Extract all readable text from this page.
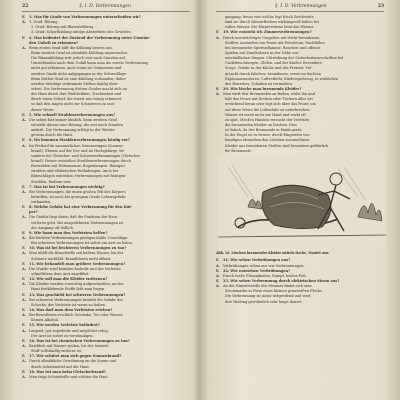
22	§. I. D. Verbrennungen
F. 3. Was für Grade von Verbrennungen unterscheiden wir?
A. 1. Grad: Rötung.
2. Grad: Rötung mit Blasenbildung.
3. Grad: Schorfbildung infolge Absterbens des Gewebes.
F. 4. Was bedeutet der Zustand der Verbrennung unter Umstän-
den Unheil zu erkennen?
A. Beim ersten Grad hilft die Kühlung bereits aus;
Beim zweiten Grad ist ebenfalls Kühlung anzuwenden.
Die Blasenbildung tritt jedoch erst nach Stunden auf.
Umstehenden nach dem Unfall kann man die zweite Verbrennung
nicht gut erkennen, auch wenn sie Schmerzen und
zweiten Grade nicht aufgegangen in der Schweißlage
Beim dritten Grad ist eine Kühlung vorhanden; daher
werden brüchige verbrannte Stellen häufig über-
sehen. Die Verbrennung dritten Grades macht sich an
der Haut durch ihre Weißlichkeit, Trockenheit und
durch einen Schorf, die zuerst nur wenig schmerzt,
so daß den Augen nicht zur Schmerzen zu und
dieser Weise.
F. 5. Wie schnell Strahlenverbrennungen aus?
A. Die sehen fast immer ähnlich, beim zweiten Grad
entsteht daraus eine Rötung, die erst nach Stunden
auftritt. Die Verbrennung erfolgt in der Wieder-
gewinn durch die Haut.
F. 6. Wo kommen Strahlenverbrennungen häufig vor?
A. Im Freibad im sommerlichen Sommertagen (Sonnen-
brand). Ebenso auf der See und im Hochgebirge, be-
sonders bei Gletscher- und Schneeverbrennungen (Gletscher-
brand). Ferner entstehen Strahlenverbrennungen durch
Bestrahlen mit Höhensonne, Bogenlampen, Röntgen-
strahlen und elektrischen Entladungen. Auch bei
Blitzschlägen entstehen Verbrennungen mit Röntgen-
Strahlen, Radium usw.
F. 7. Was ist bei Verbrennungen wichtig?
A. Bei Verbrennungen, die einen großen Teil des Körpers
betreffen, ist auch bei geringem Grade Lebensgefahr
vorhanden.
F. 8. Welche Gefahr hat eine Verbrennung für den Kör-
per?
A. Die Gefahr liegt darin, daß die Funktion der Haut
verloren geht. Bei ausgedehnten Verbrennungen ist
der Ausgang oft tödlich.
F. 9. Wie kann man den Verletzten helfen?
A. Bei leichten Verbrennungen genügen kühle Umschläge.
Bei schweren Verbrennungen ist sofort ein Arzt zu holen.
F. 10. Was ist bei leichteren Verbrennungen zu tun?
A. Man kühlt die Brandstelle mit kaltem Wasser, bis der
Schmerz nachläßt. Brandblasen nicht öffnen.
F. 11. Wie behandelt man größere Verbrennungen?
A. Die Wunde wird keimfrei bedeckt und der Verletzte
schnellstens dem Arzt zugeführt.
F. 12. Wie soll man die Kleider entfernen?
A. Die Kleider werden vorsichtig aufgeschnitten, an der
Haut festklebende Stoffe läßt man liegen.
F. 13. Was geschieht bei schweren Verbrennungen?
A. Bei schweren Verbrennungen besteht die Gefahr des
Schocks; der Verletzte ist warm zu halten.
F. 14. Was darf man dem Verletzten reichen?
A. Bei Bewußtsein reichlich Getränke, Tee oder Wasser.
Keinen Alkohol.
F. 15. Wie werden Verletzte befördert?
A. Liegend, gut zugedeckt und möglichst ruhig.
Der Arzt ist sofort zu verständigen.
F. 16. Was ist bei chemischen Verbrennungen zu tun?
A. Reichlich mit Wasser spülen, bis der ätzende
Stoff vollständig entfernt ist.
F. 17. Wie schützt man sich gegen Sonnenbrand?
A. Durch allmähliche Gewöhnung an die Sonne und
durch Schutzmittel auf der Haut.
F. 18. Was tut man beim Gletscherbrand?
A. Man trägt Schutzbrille und schützt die Haut.
§. I. D. Verbrennungen	23
gangung, bessa eine solche legt frisch Reichweite
sind sie durch Wasserflecken wirkungsvoll haben bei
vollen Wasser. Die Körperwärme lässt das Wasser.
F. 19. Wie entsteht ich Zimmerverbrennungen?
A. Durch unvorsichtiges Umgehen mit leicht brennbaren
Stoffen, Anzünden von Feuer mit Petroleum, Nachfüllen
bei brennender Spiritusflamme, Rauchen und offenes
Spielen mit Zündhölzern in der Nähe von
entzündlichen Dingen. Mitwirkung der Sicherheitsvorschriften bei
Gasbeleuchtungen, Ölöfen, und der Kinder. Besondere
Sorge. Gefahr in der Küche und der Freizeit. Ver-
ursacht durch falsches, brennbares, sowie an leichten
Explosionsmotoren, Luftverkehr, Kinderspielzeug, in wirklichen
des Betriebes, Schaden zu vermeiden.
F. 20. Wie lösche man brennende Kleider?
A. Man wirft den Brennenden zu Boden, wälzt ihn und
hält das Feuer mit Decken oder Tüchern aller Art
erstickend heran oder legt sich über das Feuer, um
auf diese Weise die Luftzufuhr zu unterbrechen.
Wasser ist meist nicht zur Hand und wirkt oft
zu spät. Mit den Händen versucht der Verletzte
die brennenden Kleider zu löschen. Dies
ist falsch, da der Brennende in Panik gerät.
In der Regel ist es besser, durch Eingreifen von
kundigen Menschen das Löschen vorzunehmen.
Kleider aus brennbaren Stoffen sind besonders gefährlich
für Brennende.
Abb. 16. Löschen brennender Kleider mittels Decke, Mantel usw.
F. 21. Wie sehen Verbrühungen aus?
A. Verbrühungen sehen aus wie Verbrennungen.
F. 22. Wie entstehen Verbrühungen?
A. Durch heiße Flüssigkeiten, Dampf, heißes Fett.
F. 23. Wie sehen Verbrennung durch elektrischen Strom aus?
A. An der Eintrittsstelle des Stromes findet sich eine
Strommarke in Form eines kleinen grauweißen Flecks.
Die Verbrennung ist meist tiefgreifend und wird
ihre Heilung gewöhnlich sehr lange dauert.
